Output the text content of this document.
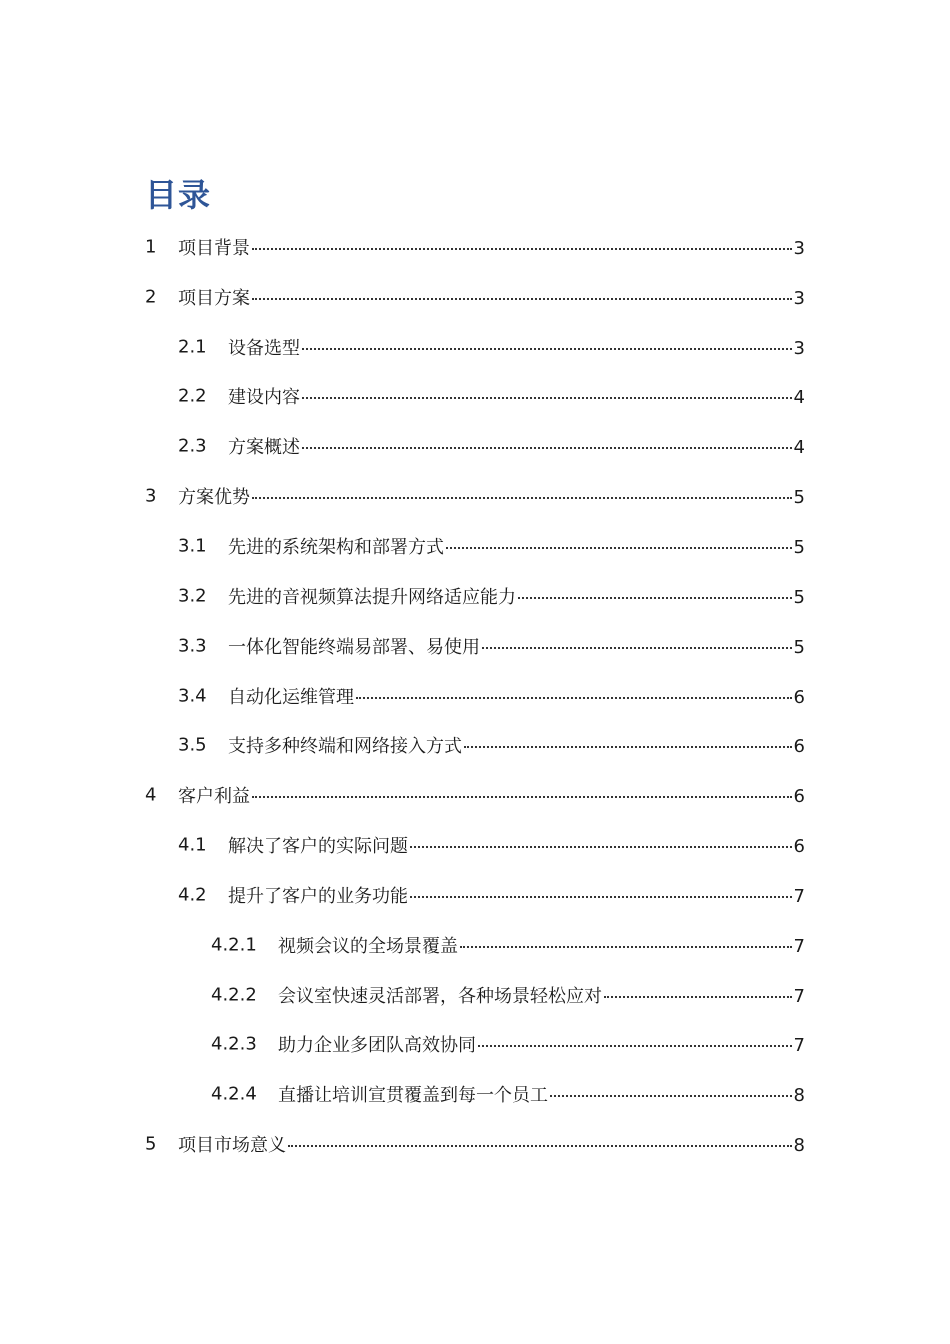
目录
1 项目背景	3
2 项目方案	3
2.1 设备选型	3
2.2 建设内容	4
2.3 方案概述	4
3 方案优势	5
3.1 先进的系统架构和部署方式	5
3.2 先进的音视频算法提升网络适应能力	5
3.3 一体化智能终端易部署、易使用	5
3.4 自动化运维管理	6
3.5 支持多种终端和网络接入方式	6
4 客户利益	6
4.1 解决了客户的实际问题	6
4.2 提升了客户的业务功能	7
4.2.1 视频会议的全场景覆盖	7
4.2.2 会议室快速灵活部署，各种场景轻松应对	7
4.2.3 助力企业多团队高效协同	7
4.2.4 直播让培训宣贯覆盖到每一个员工	8
5 项目市场意义	8
